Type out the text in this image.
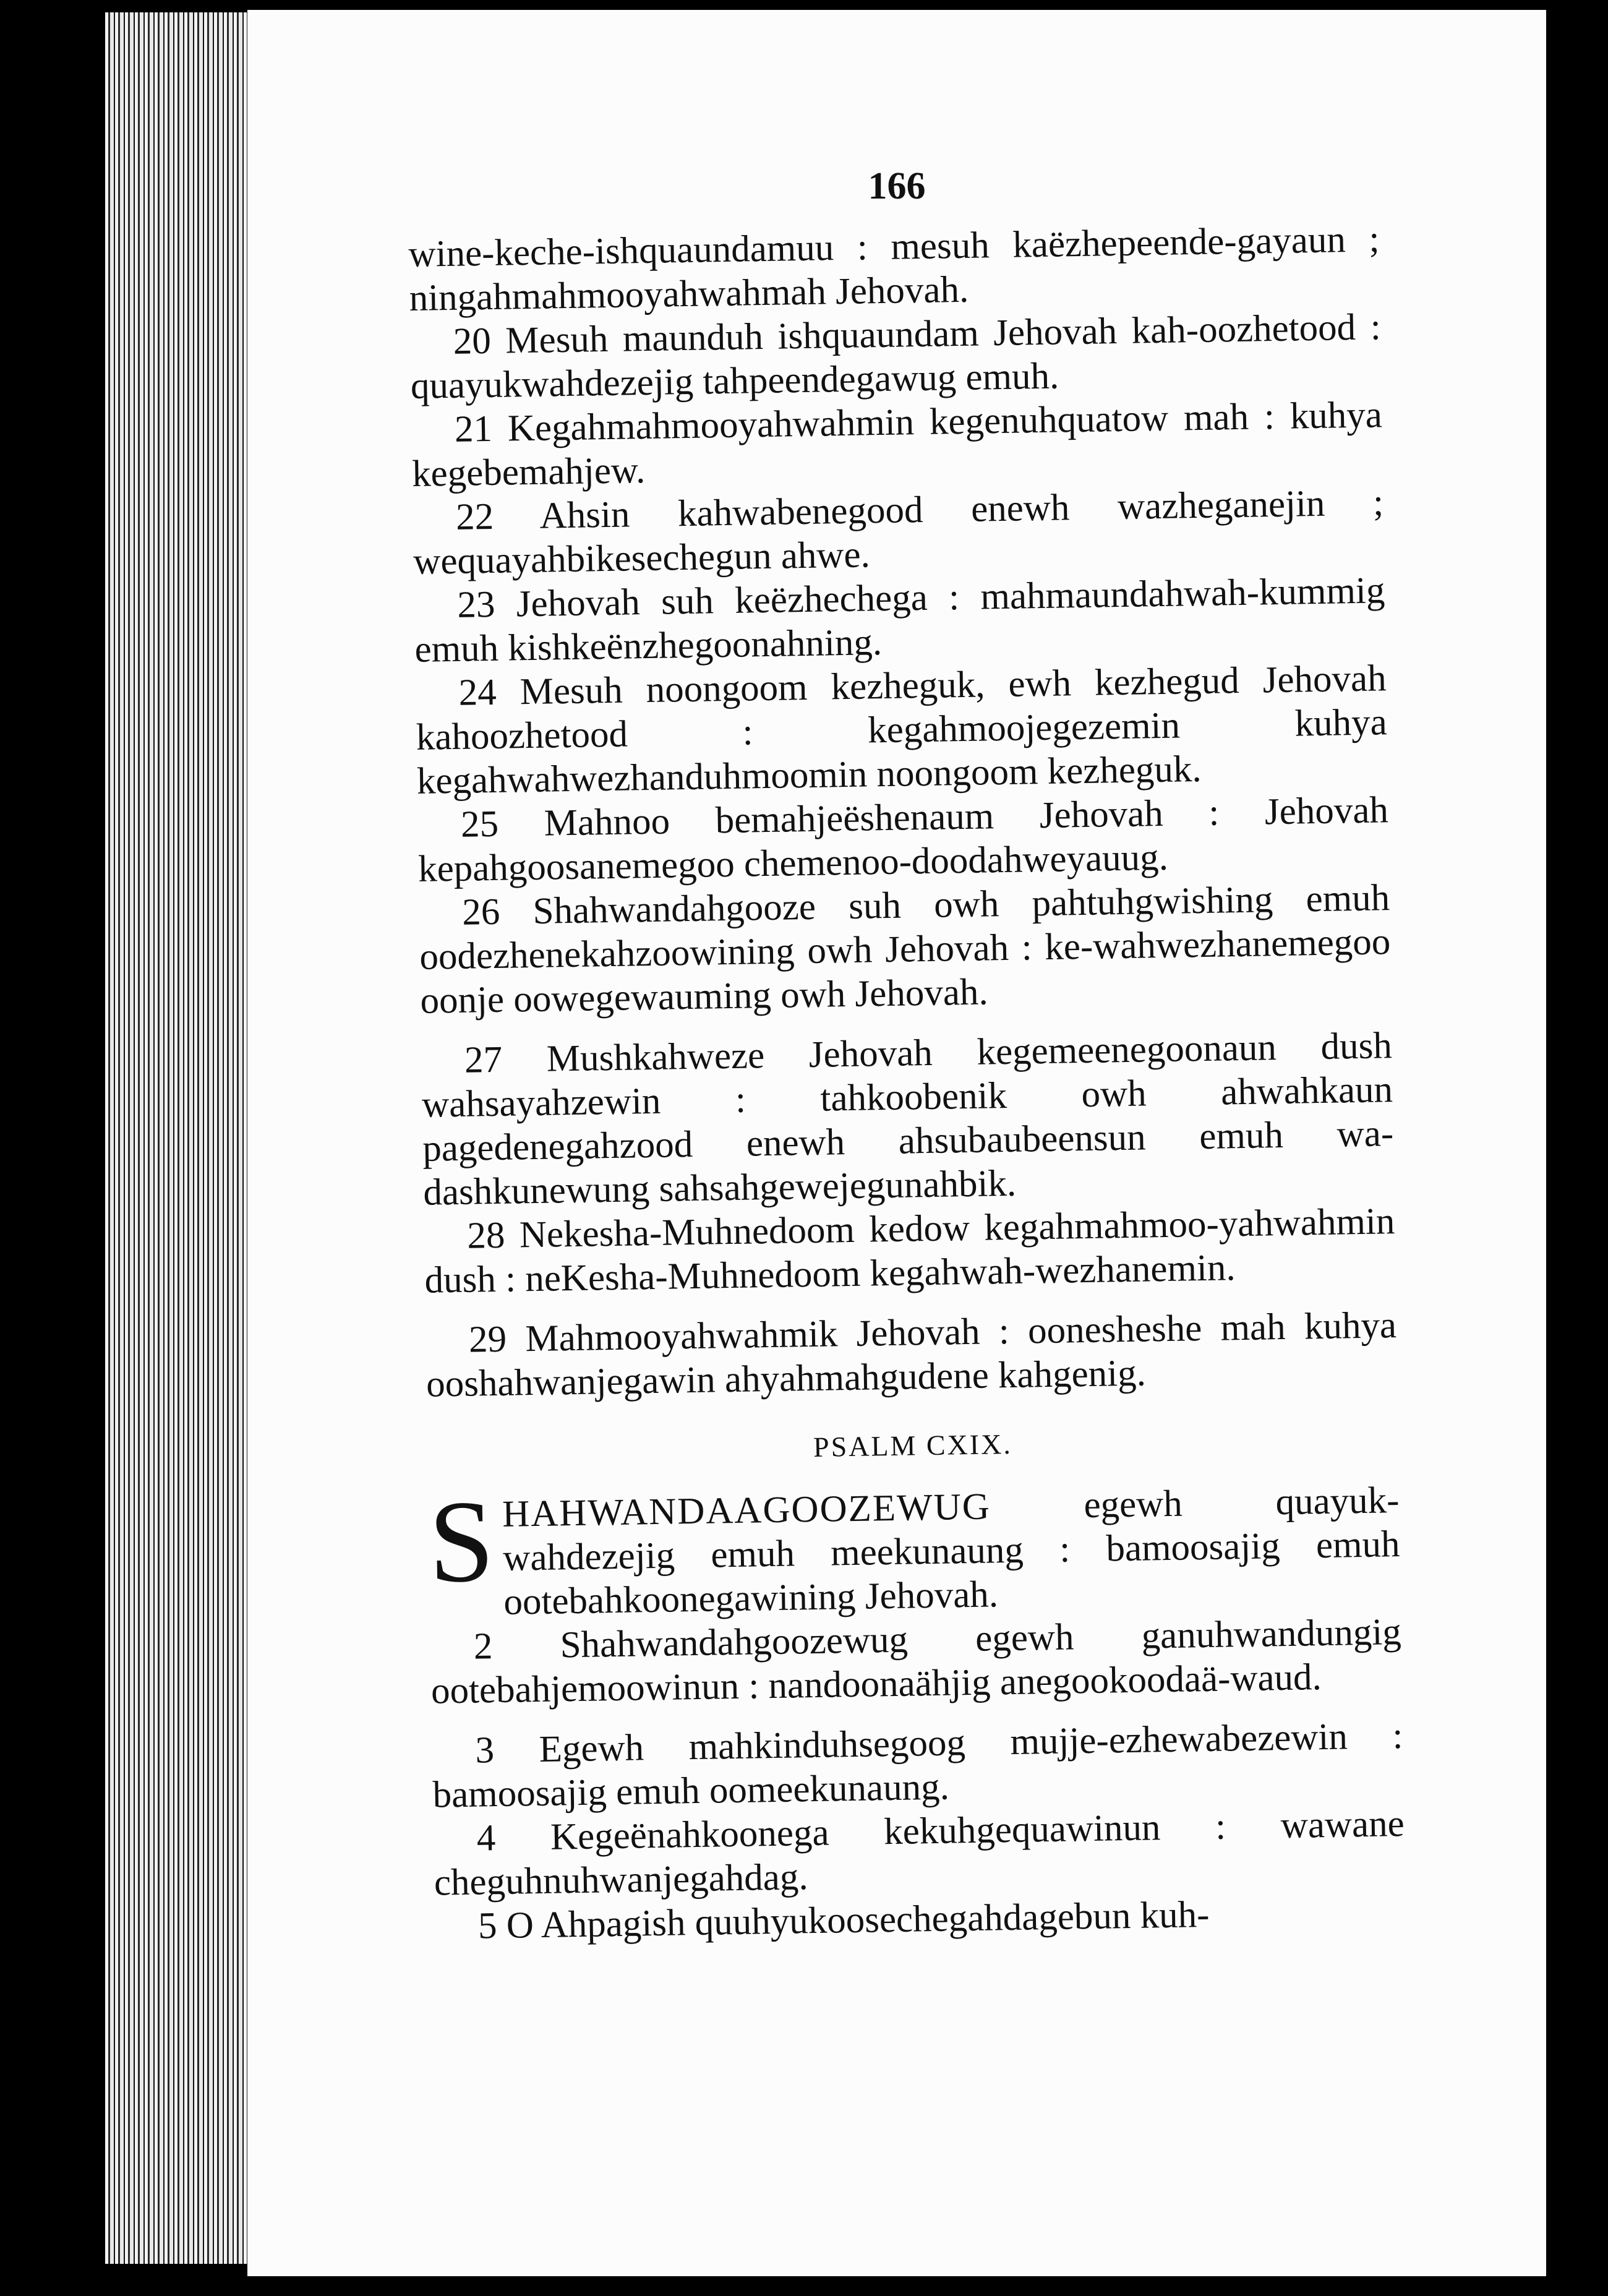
166

wine-keche-ishquaundamuu : mesuh kaëzhepeende-gayaun ; ningahmahmooyahwahmah Jehovah.

20 Mesuh maunduh ishquaundam Jehovah kah-oozhetood : quayukwahdezejig tahpeendegawug emuh.

21 Kegahmahmooyahwahmin kegenuhquatow mah : kuhya kegebemahjew.

22 Ahsin kahwabenegood enewh wazheganejin ; wequayahbikesechegun ahwe.

23 Jehovah suh keëzhechega : mahmaundahwah-kummig emuh kishkeënzhegoonahning.

24 Mesuh noongoom kezheguk, ewh kezhegud Jehovah kahoozhetood : kegahmoojegezemin kuhya kegahwahwezhanduhmoomin noongoom kezheguk.

25 Mahnoo bemahjeëshenaum Jehovah : Jehovah kepahgoosanemegoo chemenoo-doodahweyauug.

26 Shahwandahgooze suh owh pahtuhgwishing emuh oodezhenekahzoowining owh Jehovah : ke-wahwezhanemegoo oonje oowegewauming owh Jehovah.

27 Mushkahweze Jehovah kegemeenegoonaun dush wahsayahzewin : tahkoobenik owh ahwahkaun pagedenegahzood enewh ahsubaubeensun emuh wa-dashkunewung sahsahgewejegunahbik.

28 Nekesha-Muhnedoom kedow kegahmahmoo-yahwahmin dush : neKesha-Muhnedoom kegahwah-wezhanemin.

29 Mahmooyahwahmik Jehovah : oonesheshe mah kuhya ooshahwanjegawin ahyahmahgudene kahgenig.

PSALM CXIX.

S HAHWANDAAGOOZEWUG egewh quayuk-wahdezejig emuh meekunaung : bamoosajig emuh ootebahkoonegawining Jehovah.

2 Shahwandahgoozewug egewh ganuhwandungig ootebahjemoowinun : nandoonaähjig anegookoodaä-waud.

3 Egewh mahkinduhsegoog mujje-ezhewabezewin : bamoosajig emuh oomeekunaung.

4 Kegeënahkoonega kekuhgequawinun : wawane cheguhnuhwanjegahdag.

5 O Ahpagish quuhyukoosechegahdagebun kuh-
